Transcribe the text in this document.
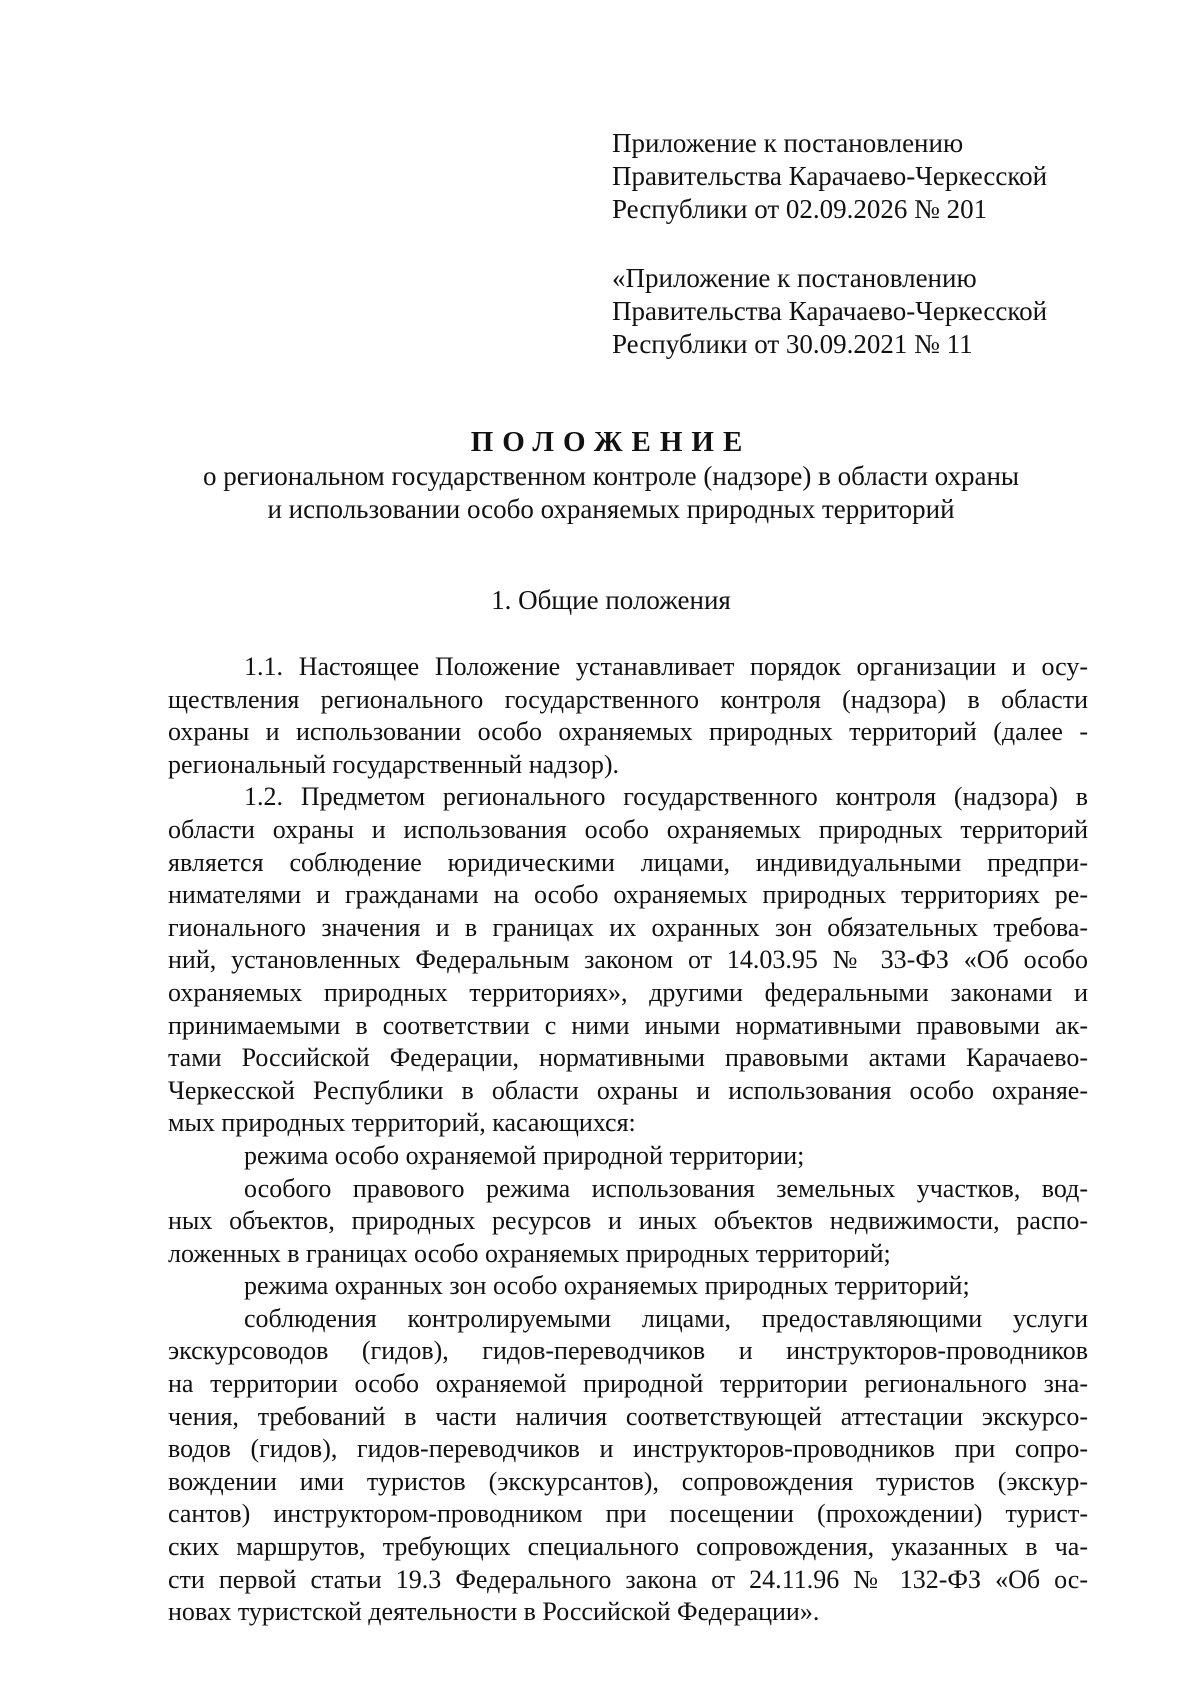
Приложение к постановлению
Правительства Карачаево-Черкесской
Республики от 02.09.2026 № 201
«Приложение к постановлению
Правительства Карачаево-Черкесской
Республики от 30.09.2021 № 11
ПОЛОЖЕНИЕ
о региональном государственном контроле (надзоре) в области охраны
и использовании особо охраняемых природных территорий
1. Общие положения
1.1. Настоящее Положение устанавливает порядок организации и осу-
ществления регионального государственного контроля (надзора) в области
охраны и использовании особо охраняемых природных территорий (далее -
региональный государственный надзор).
1.2. Предметом регионального государственного контроля (надзора) в
области охраны и использования особо охраняемых природных территорий
является соблюдение юридическими лицами, индивидуальными предпри-
нимателями и гражданами на особо охраняемых природных территориях ре-
гионального значения и в границах их охранных зон обязательных требова-
ний, установленных Федеральным законом от 14.03.95 № 33-ФЗ «Об особо
охраняемых природных территориях», другими федеральными законами и
принимаемыми в соответствии с ними иными нормативными правовыми ак-
тами Российской Федерации, нормативными правовыми актами Карачаево-
Черкесской Республики в области охраны и использования особо охраняе-
мых природных территорий, касающихся:
режима особо охраняемой природной территории;
особого правового режима использования земельных участков, вод-
ных объектов, природных ресурсов и иных объектов недвижимости, распо-
ложенных в границах особо охраняемых природных территорий;
режима охранных зон особо охраняемых природных территорий;
соблюдения контролируемыми лицами, предоставляющими услуги
экскурсоводов (гидов), гидов-переводчиков и инструкторов-проводников
на территории особо охраняемой природной территории регионального зна-
чения, требований в части наличия соответствующей аттестации экскурсо-
водов (гидов), гидов-переводчиков и инструкторов-проводников при сопро-
вождении ими туристов (экскурсантов), сопровождения туристов (экскур-
сантов) инструктором-проводником при посещении (прохождении) турист-
ских маршрутов, требующих специального сопровождения, указанных в ча-
сти первой статьи 19.3 Федерального закона от 24.11.96 № 132-ФЗ «Об ос-
новах туристской деятельности в Российской Федерации».
